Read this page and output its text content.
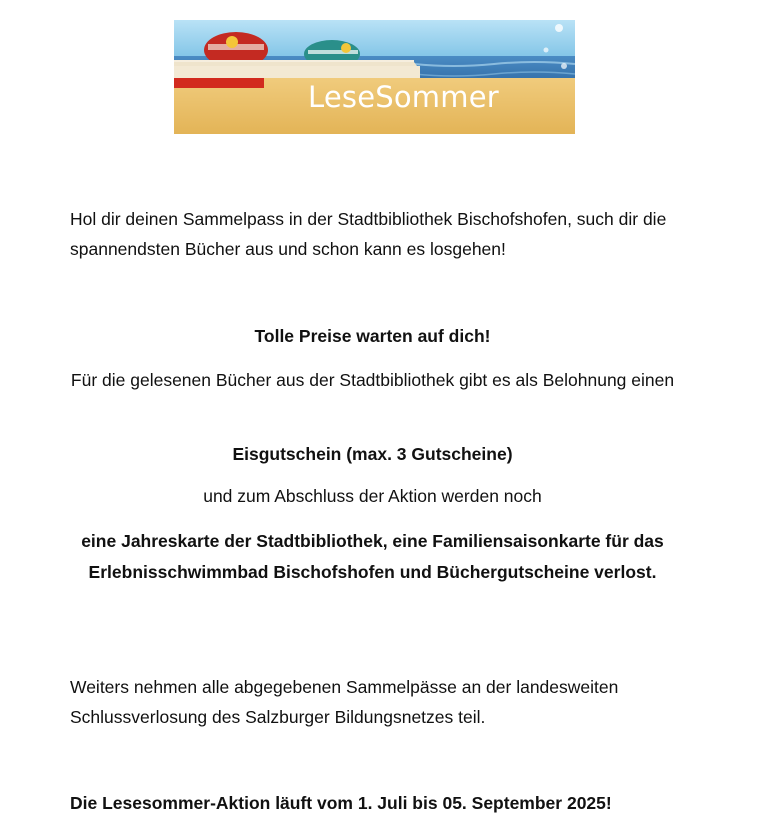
LeseSommer

Hol dir deinen Sammelpass in der Stadtbibliothek Bischofshofen, such dir die spannendsten Bücher aus und schon kann es losgehen!

Tolle Preise warten auf dich!

Für die gelesenen Bücher aus der Stadtbibliothek gibt es als Belohnung einen

Eisgutschein (max. 3 Gutscheine)

und zum Abschluss der Aktion werden noch

eine Jahreskarte der Stadtbibliothek, eine Familiensaisonkarte für das Erlebnisschwimmbad Bischofshofen und Büchergutscheine verlost.

Weiters nehmen alle abgegebenen Sammelpässe an der landesweiten Schlussverlosung des Salzburger Bildungsnetzes teil.

Die Lesesommer-Aktion läuft vom 1. Juli bis 05. September 2025!
